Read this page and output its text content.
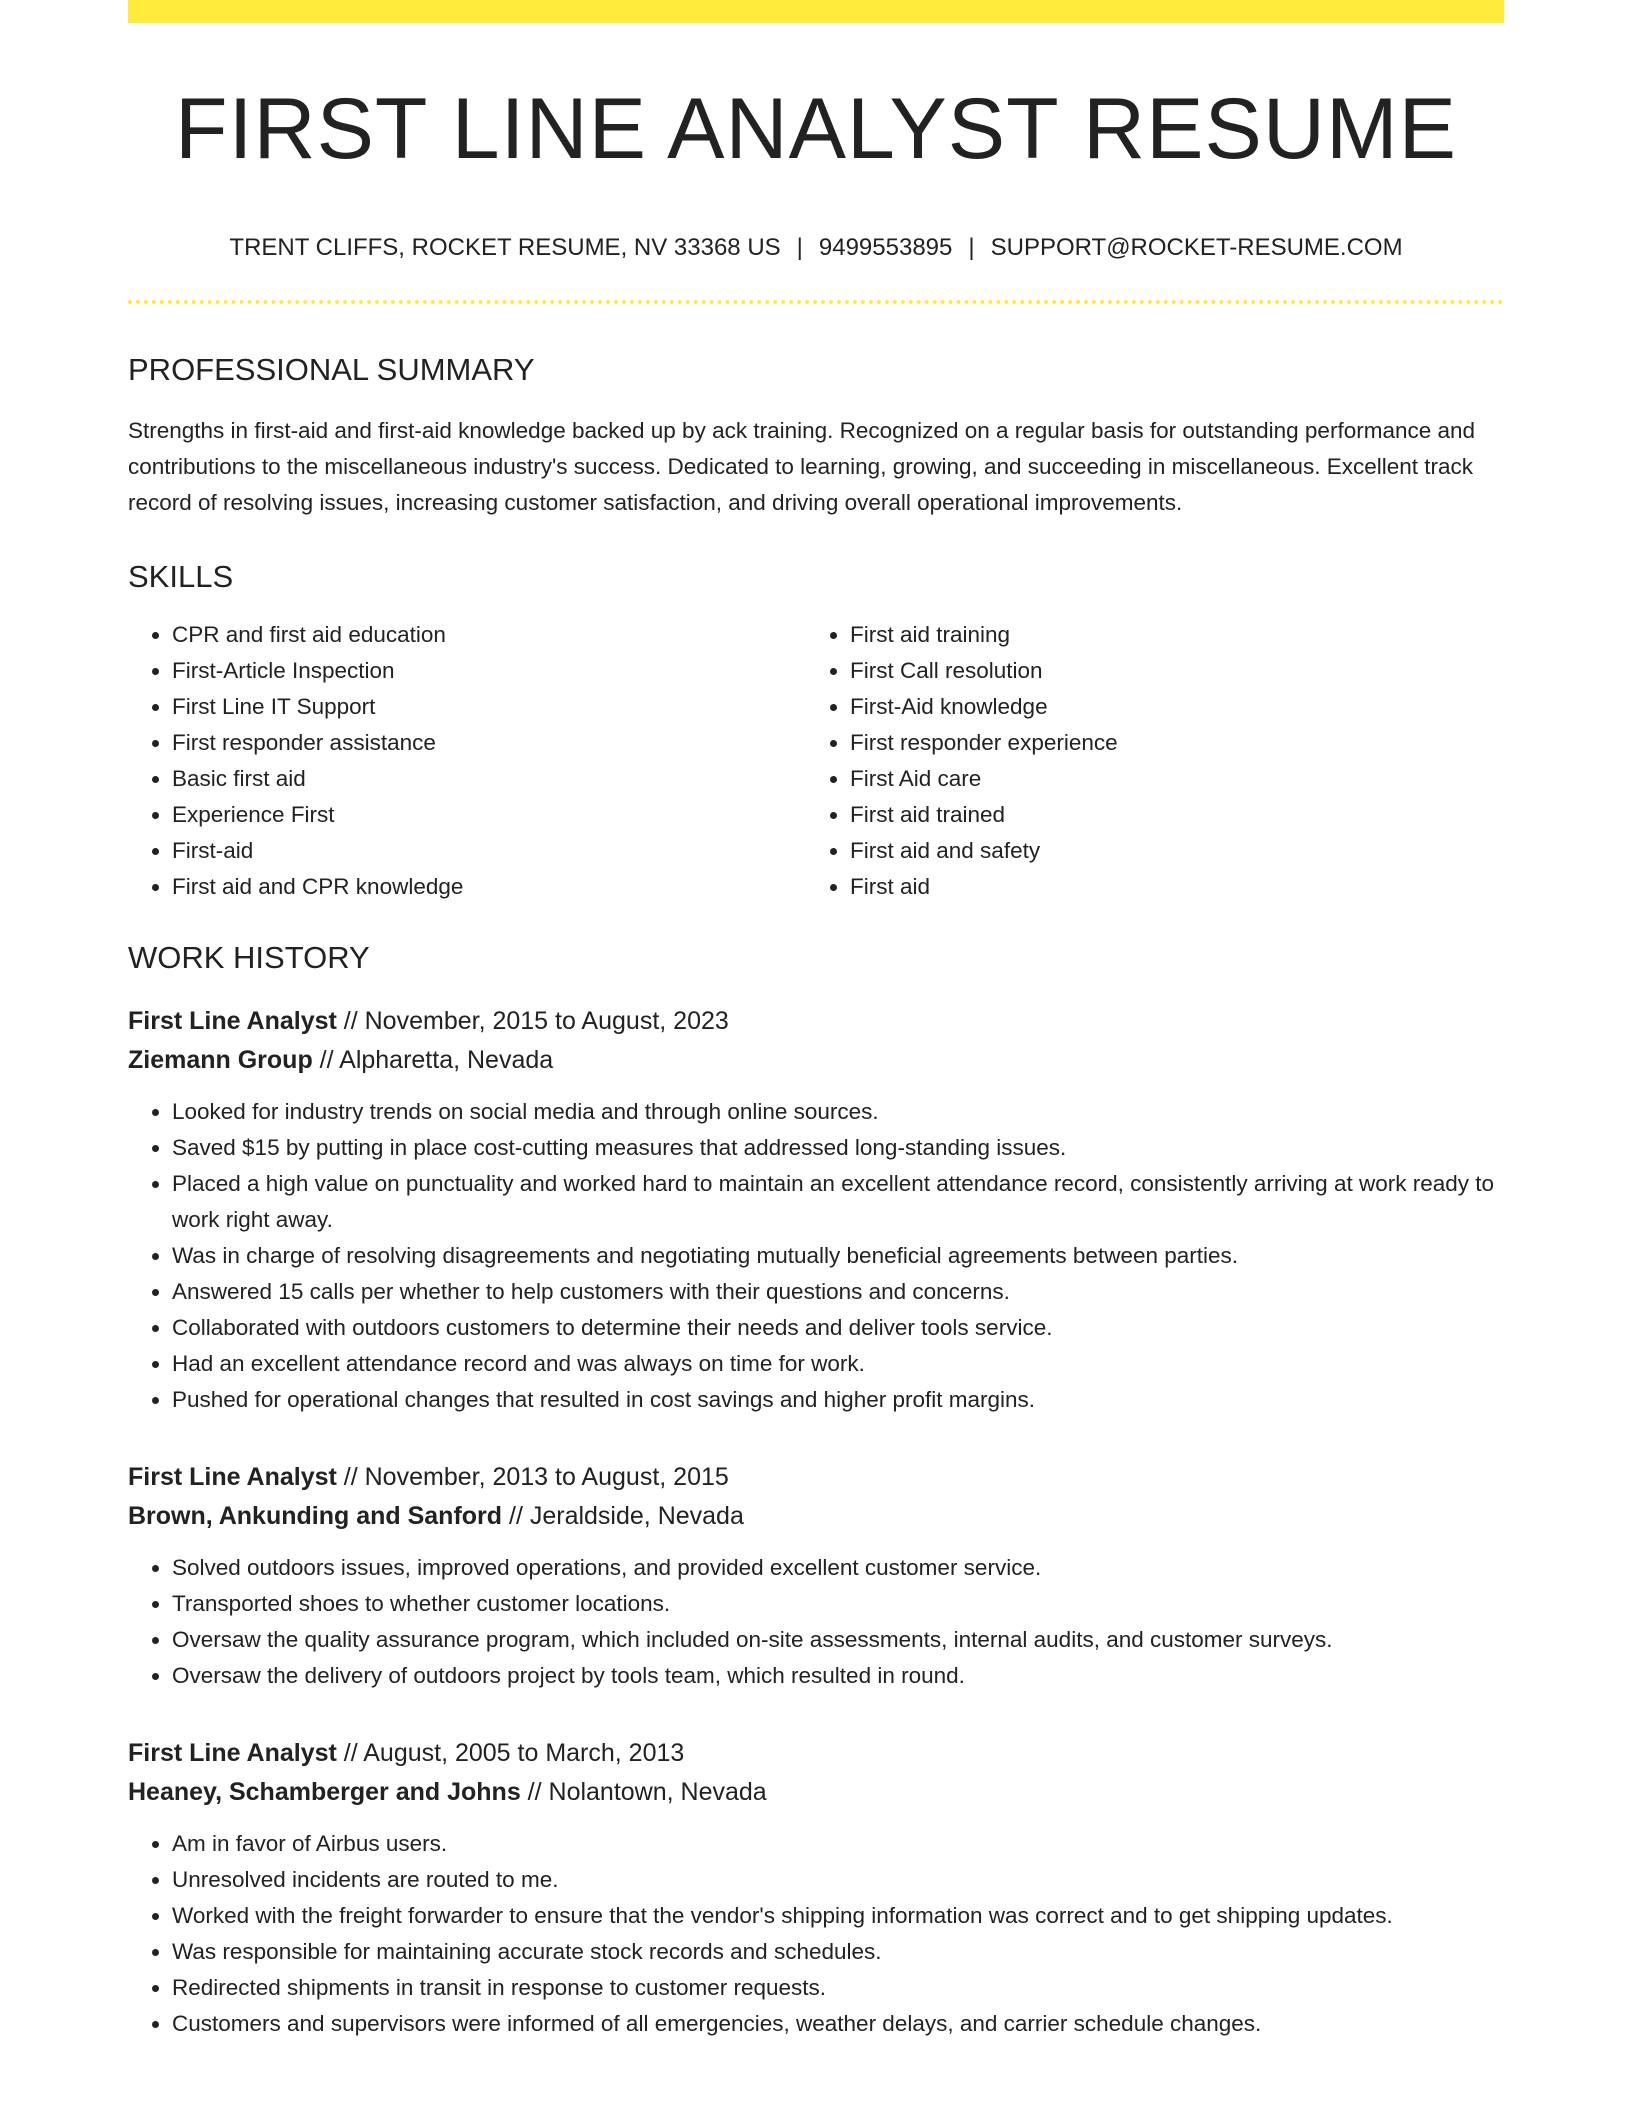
FIRST LINE ANALYST RESUME
TRENT CLIFFS, ROCKET RESUME, NV 33368 US | 9499553895 | SUPPORT@ROCKET-RESUME.COM
PROFESSIONAL SUMMARY

Strengths in first-aid and first-aid knowledge backed up by ack training. Recognized on a regular basis for outstanding performance and contributions to the miscellaneous industry's success. Dedicated to learning, growing, and succeeding in miscellaneous. Excellent track record of resolving issues, increasing customer satisfaction, and driving overall operational improvements.

SKILLS
• CPR and first aid education
• First-Article Inspection
• First Line IT Support
• First responder assistance
• Basic first aid
• Experience First
• First-aid
• First aid and CPR knowledge
• First aid training
• First Call resolution
• First-Aid knowledge
• First responder experience
• First Aid care
• First aid trained
• First aid and safety
• First aid
WORK HISTORY
First Line Analyst // November, 2015 to August, 2023
Ziemann Group // Alpharetta, Nevada
• Looked for industry trends on social media and through online sources.
• Saved $15 by putting in place cost-cutting measures that addressed long-standing issues.
• Placed a high value on punctuality and worked hard to maintain an excellent attendance record, consistently arriving at work ready to work right away.
• Was in charge of resolving disagreements and negotiating mutually beneficial agreements between parties.
• Answered 15 calls per whether to help customers with their questions and concerns.
• Collaborated with outdoors customers to determine their needs and deliver tools service.
• Had an excellent attendance record and was always on time for work.
• Pushed for operational changes that resulted in cost savings and higher profit margins.
First Line Analyst // November, 2013 to August, 2015
Brown, Ankunding and Sanford // Jeraldside, Nevada
• Solved outdoors issues, improved operations, and provided excellent customer service.
• Transported shoes to whether customer locations.
• Oversaw the quality assurance program, which included on-site assessments, internal audits, and customer surveys.
• Oversaw the delivery of outdoors project by tools team, which resulted in round.
First Line Analyst // August, 2005 to March, 2013
Heaney, Schamberger and Johns // Nolantown, Nevada
• Am in favor of Airbus users.
• Unresolved incidents are routed to me.
• Worked with the freight forwarder to ensure that the vendor's shipping information was correct and to get shipping updates.
• Was responsible for maintaining accurate stock records and schedules.
• Redirected shipments in transit in response to customer requests.
• Customers and supervisors were informed of all emergencies, weather delays, and carrier schedule changes.
